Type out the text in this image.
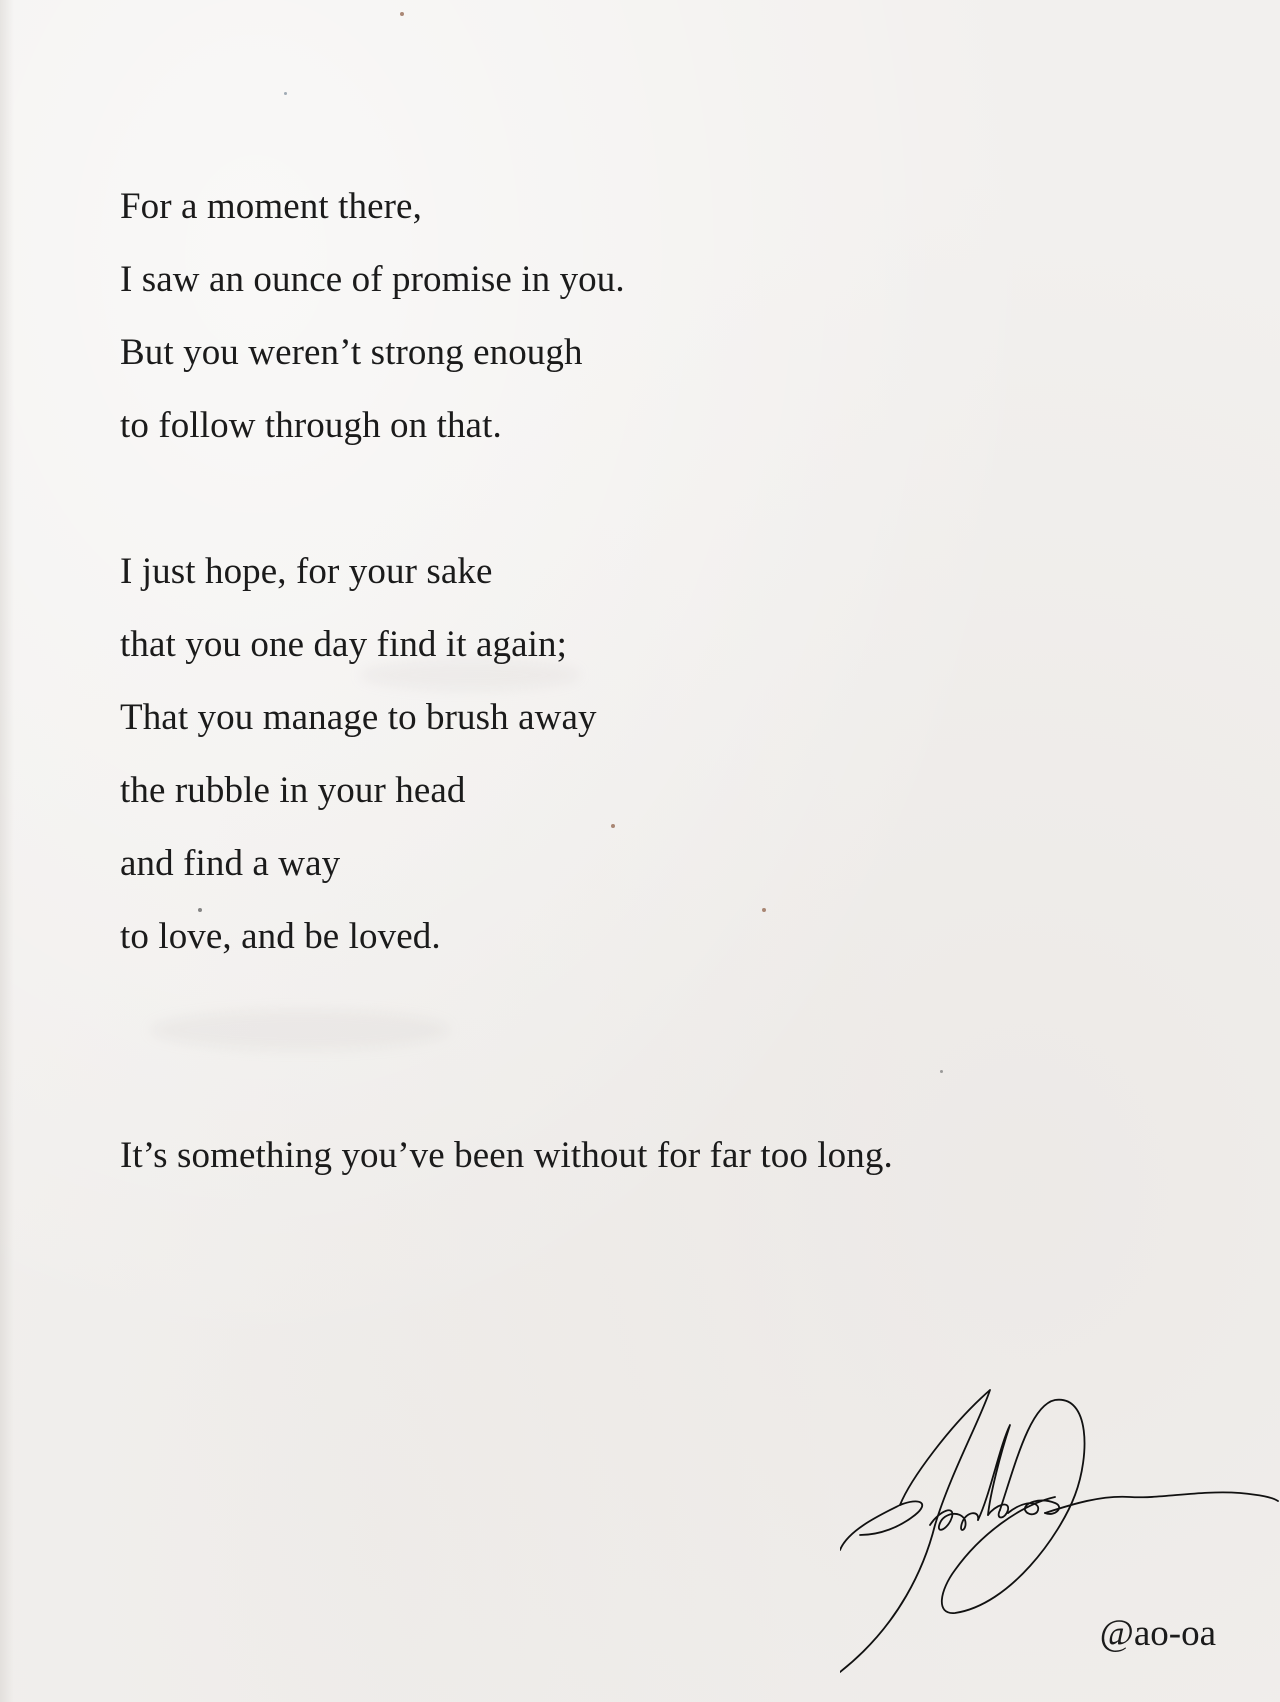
For a moment there,
I saw an ounce of promise in you.
But you weren’t strong enough
to follow through on that.
I just hope, for your sake
that you one day find it again;
That you manage to brush away
the rubble in your head
and find a way
to love, and be loved.
It’s something you’ve been without for far too long.
@ao-oa
